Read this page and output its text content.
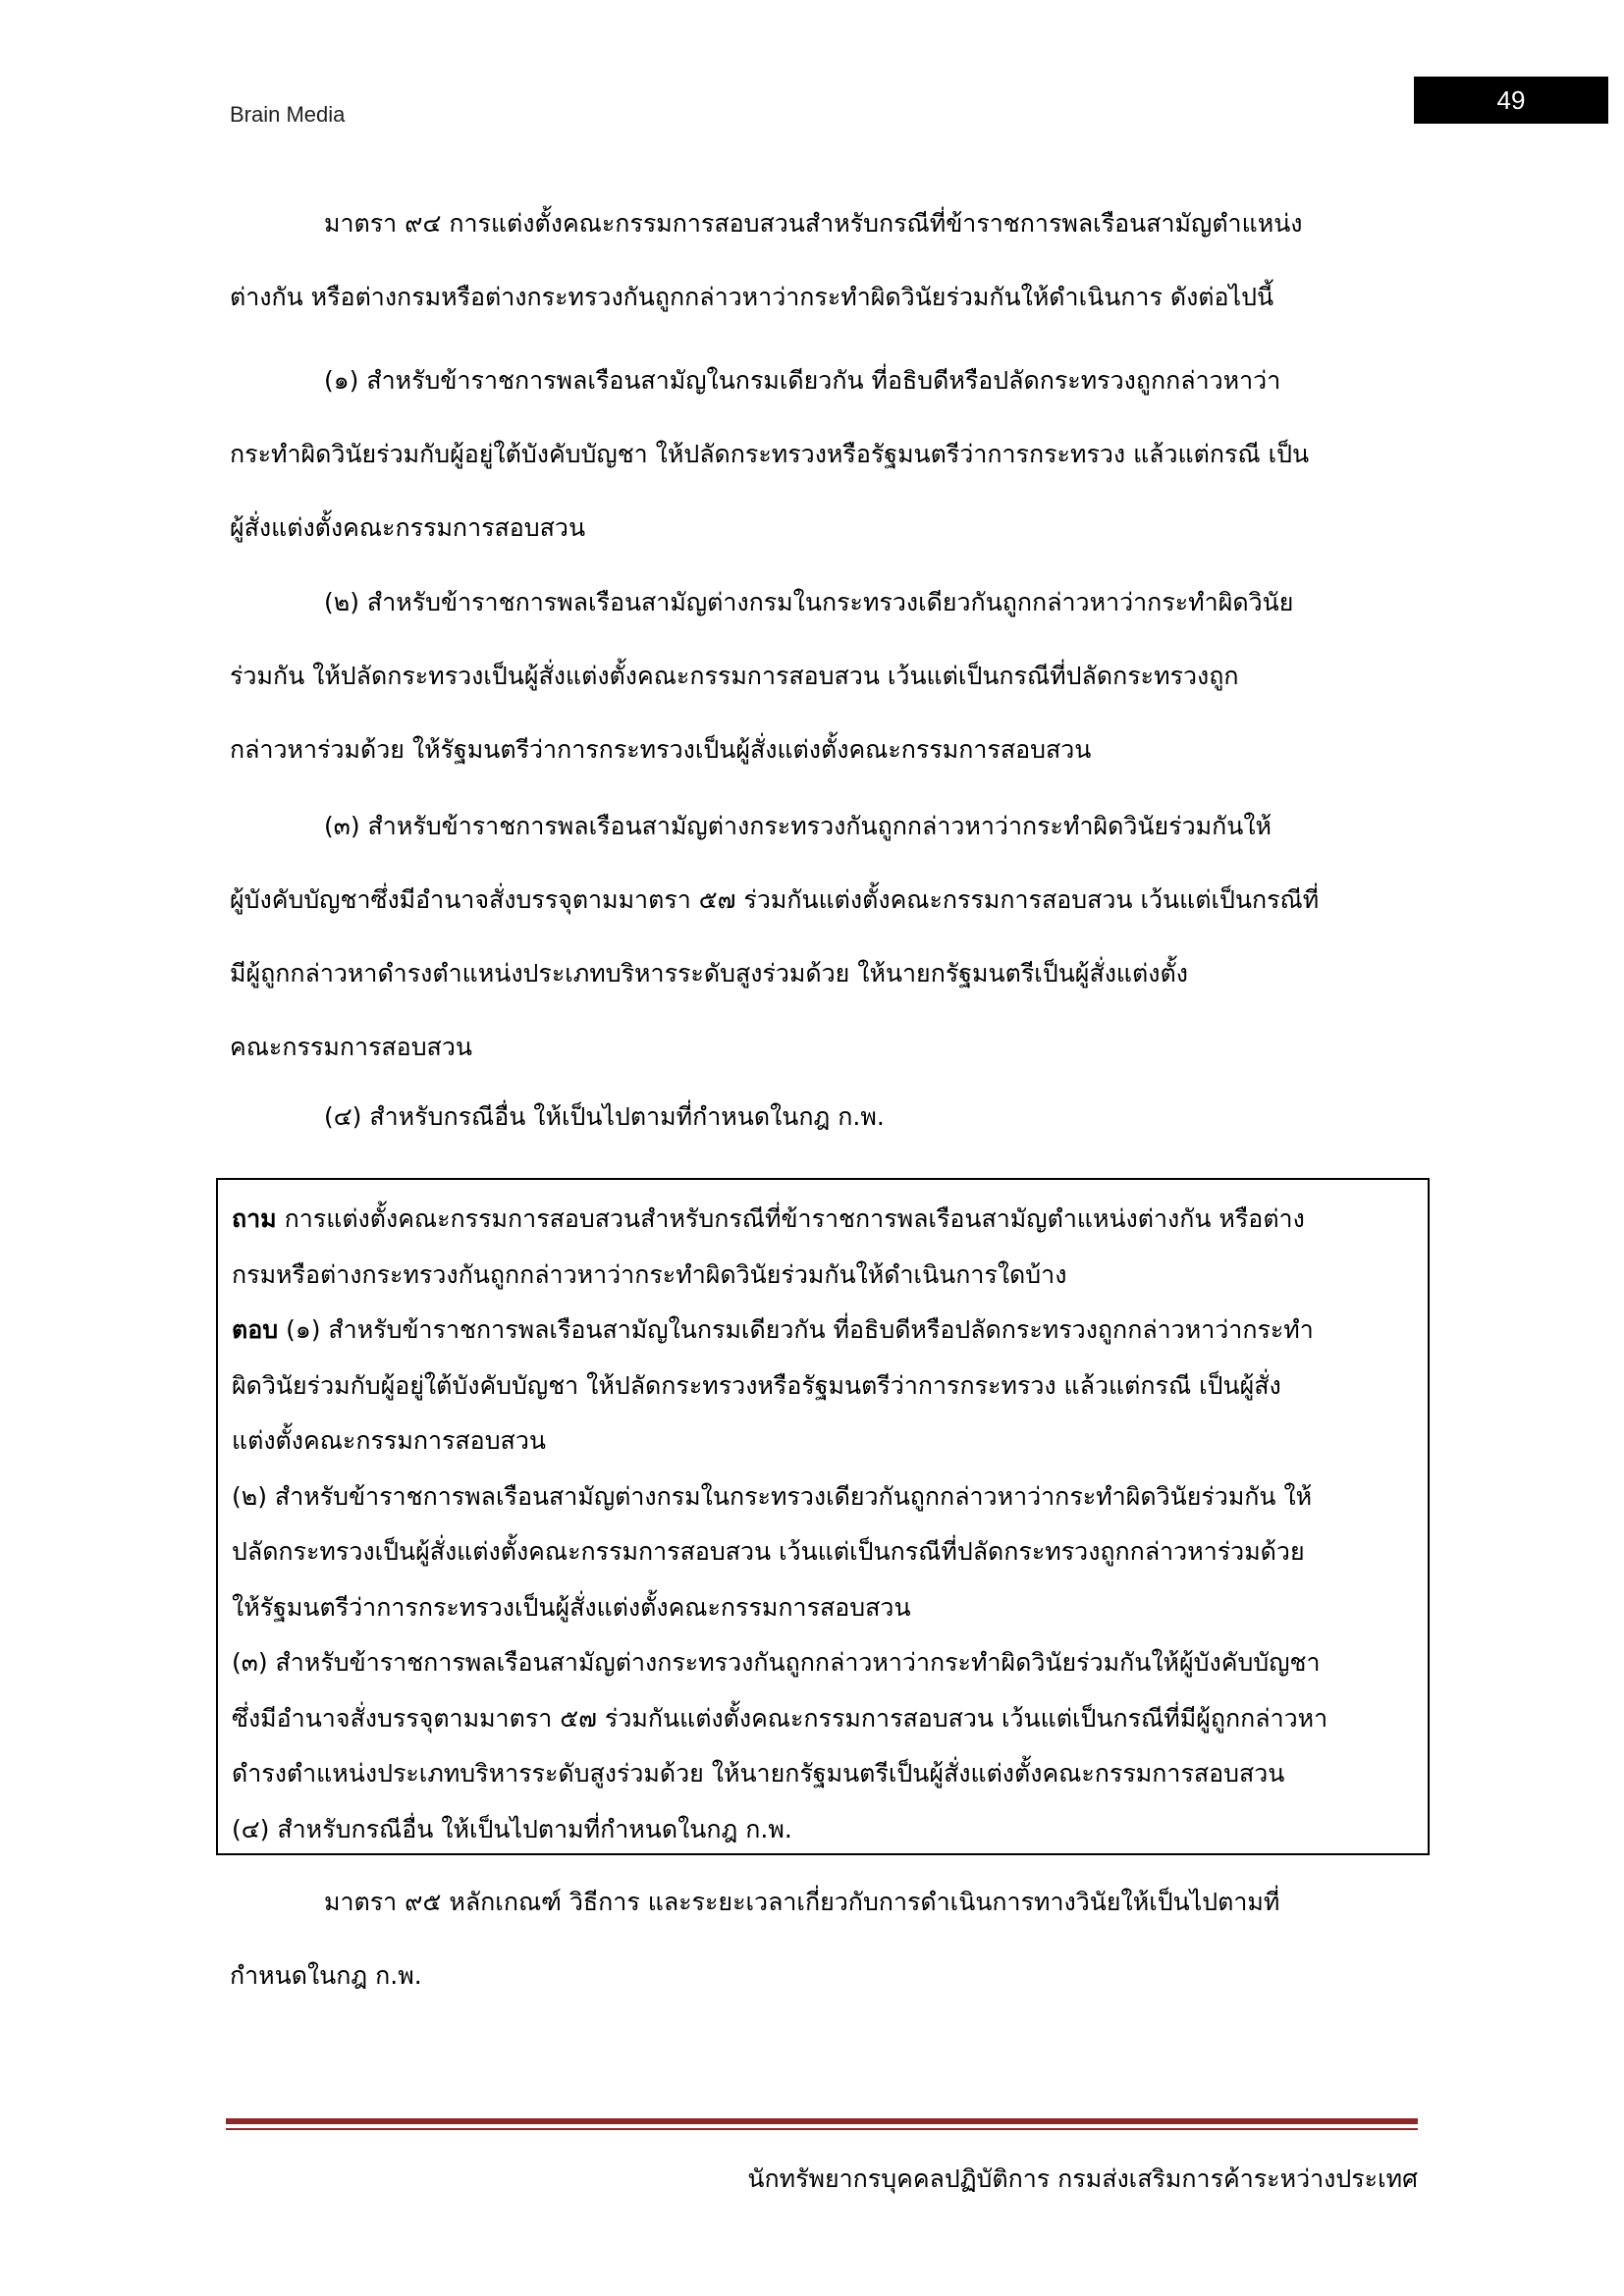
Brain Media	49
มาตรา ๙๔ การแต่งตั้งคณะกรรมการสอบสวนสำหรับกรณีที่ข้าราชการพลเรือนสามัญตำแหน่ง
ต่างกัน หรือต่างกรมหรือต่างกระทรวงกันถูกกล่าวหาว่ากระทำผิดวินัยร่วมกันให้ดำเนินการ ดังต่อไปนี้
(๑) สำหรับข้าราชการพลเรือนสามัญในกรมเดียวกัน ที่อธิบดีหรือปลัดกระทรวงถูกกล่าวหาว่า
กระทำผิดวินัยร่วมกับผู้อยู่ใต้บังคับบัญชา ให้ปลัดกระทรวงหรือรัฐมนตรีว่าการกระทรวง แล้วแต่กรณี เป็น
ผู้สั่งแต่งตั้งคณะกรรมการสอบสวน
(๒) สำหรับข้าราชการพลเรือนสามัญต่างกรมในกระทรวงเดียวกันถูกกล่าวหาว่ากระทำผิดวินัย
ร่วมกัน ให้ปลัดกระทรวงเป็นผู้สั่งแต่งตั้งคณะกรรมการสอบสวน เว้นแต่เป็นกรณีที่ปลัดกระทรวงถูก
กล่าวหาร่วมด้วย ให้รัฐมนตรีว่าการกระทรวงเป็นผู้สั่งแต่งตั้งคณะกรรมการสอบสวน
(๓) สำหรับข้าราชการพลเรือนสามัญต่างกระทรวงกันถูกกล่าวหาว่ากระทำผิดวินัยร่วมกันให้
ผู้บังคับบัญชาซึ่งมีอำนาจสั่งบรรจุตามมาตรา ๕๗ ร่วมกันแต่งตั้งคณะกรรมการสอบสวน เว้นแต่เป็นกรณีที่
มีผู้ถูกกล่าวหาดำรงตำแหน่งประเภทบริหารระดับสูงร่วมด้วย ให้นายกรัฐมนตรีเป็นผู้สั่งแต่งตั้ง
คณะกรรมการสอบสวน
(๔) สำหรับกรณีอื่น ให้เป็นไปตามที่กำหนดในกฎ ก.พ.
ถาม การแต่งตั้งคณะกรรมการสอบสวนสำหรับกรณีที่ข้าราชการพลเรือนสามัญตำแหน่งต่างกัน หรือต่าง
กรมหรือต่างกระทรวงกันถูกกล่าวหาว่ากระทำผิดวินัยร่วมกันให้ดำเนินการใดบ้าง
ตอบ (๑) สำหรับข้าราชการพลเรือนสามัญในกรมเดียวกัน ที่อธิบดีหรือปลัดกระทรวงถูกกล่าวหาว่ากระทำ
ผิดวินัยร่วมกับผู้อยู่ใต้บังคับบัญชา ให้ปลัดกระทรวงหรือรัฐมนตรีว่าการกระทรวง แล้วแต่กรณี เป็นผู้สั่ง
แต่งตั้งคณะกรรมการสอบสวน
(๒) สำหรับข้าราชการพลเรือนสามัญต่างกรมในกระทรวงเดียวกันถูกกล่าวหาว่ากระทำผิดวินัยร่วมกัน ให้
ปลัดกระทรวงเป็นผู้สั่งแต่งตั้งคณะกรรมการสอบสวน เว้นแต่เป็นกรณีที่ปลัดกระทรวงถูกกล่าวหาร่วมด้วย
ให้รัฐมนตรีว่าการกระทรวงเป็นผู้สั่งแต่งตั้งคณะกรรมการสอบสวน
(๓) สำหรับข้าราชการพลเรือนสามัญต่างกระทรวงกันถูกกล่าวหาว่ากระทำผิดวินัยร่วมกันให้ผู้บังคับบัญชา
ซึ่งมีอำนาจสั่งบรรจุตามมาตรา ๕๗ ร่วมกันแต่งตั้งคณะกรรมการสอบสวน เว้นแต่เป็นกรณีที่มีผู้ถูกกล่าวหา
ดำรงตำแหน่งประเภทบริหารระดับสูงร่วมด้วย ให้นายกรัฐมนตรีเป็นผู้สั่งแต่งตั้งคณะกรรมการสอบสวน
(๔) สำหรับกรณีอื่น ให้เป็นไปตามที่กำหนดในกฎ ก.พ.
มาตรา ๙๕ หลักเกณฑ์ วิธีการ และระยะเวลาเกี่ยวกับการดำเนินการทางวินัยให้เป็นไปตามที่
กำหนดในกฎ ก.พ.
นักทรัพยากรบุคคลปฏิบัติการ กรมส่งเสริมการค้าระหว่างประเทศ
